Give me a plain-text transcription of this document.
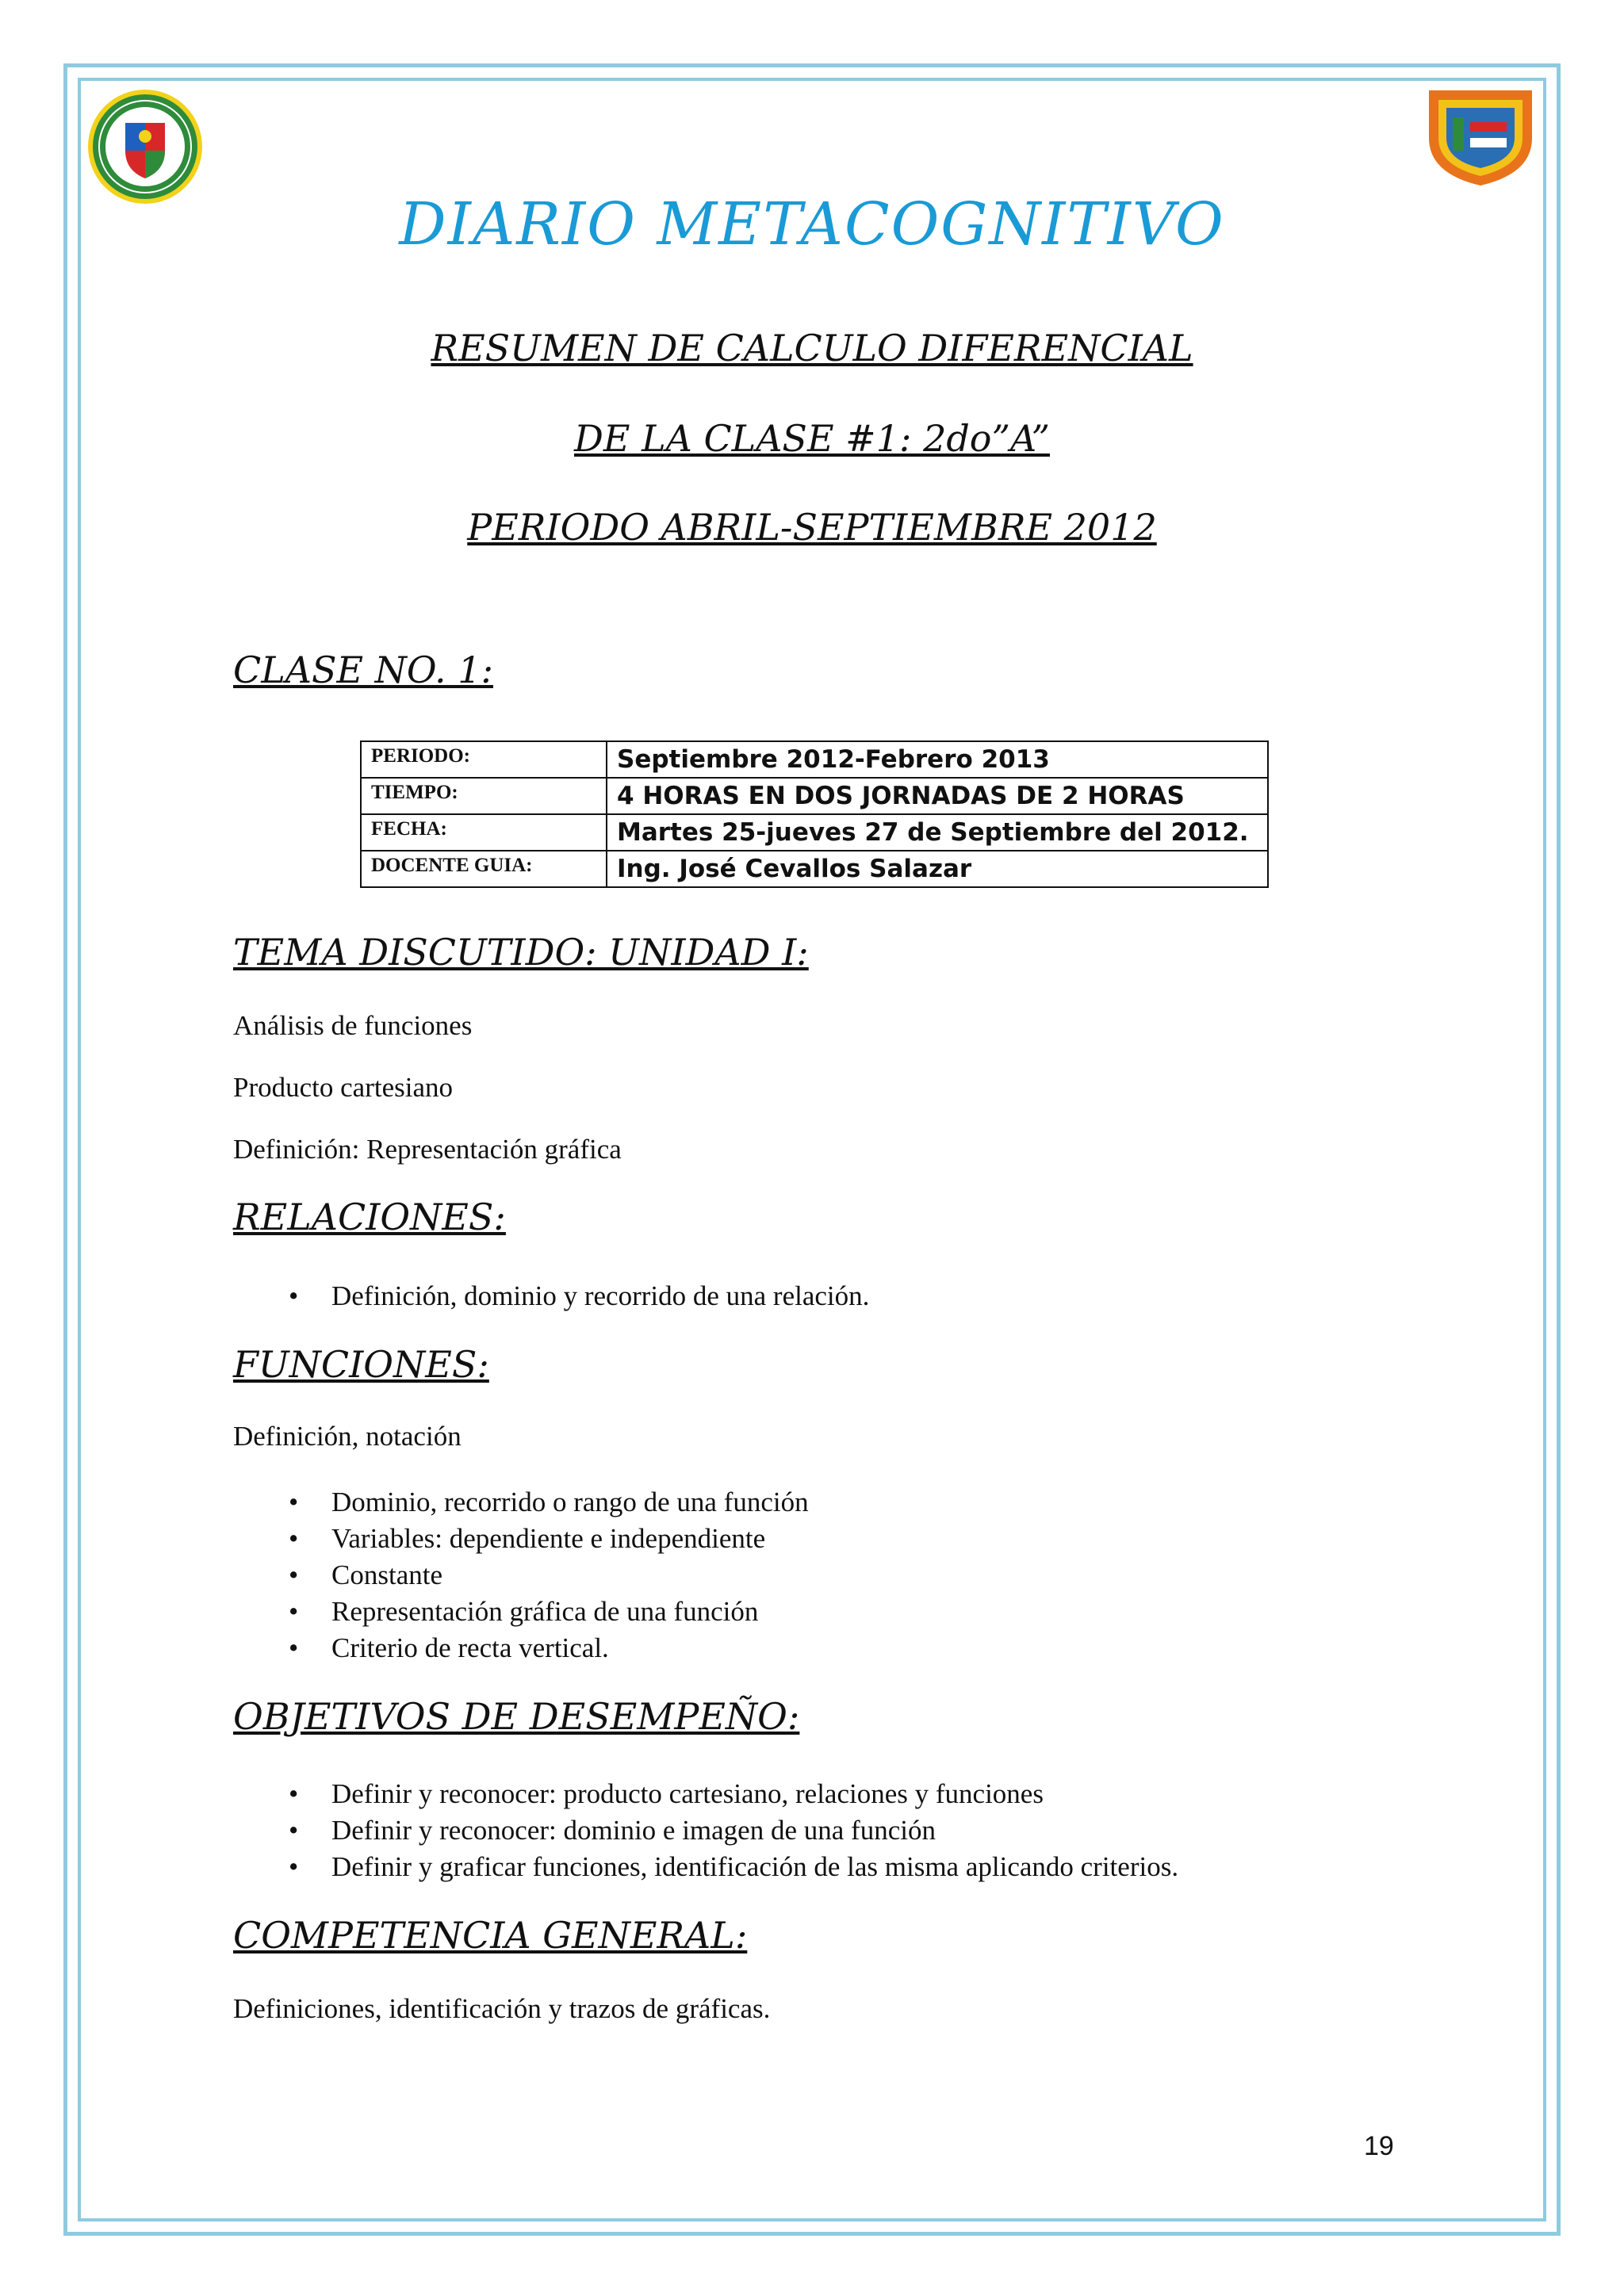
DIARIO METACOGNITIVO
RESUMEN DE CALCULO DIFERENCIAL
DE LA CLASE #1: 2do”A”
PERIODO ABRIL-SEPTIEMBRE 2012
CLASE NO. 1:
PERIODO:	Septiembre 2012-Febrero 2013
TIEMPO:	4 HORAS EN DOS JORNADAS DE 2 HORAS
FECHA:	Martes 25-jueves 27 de Septiembre del 2012.
DOCENTE GUIA:	Ing. José Cevallos Salazar
TEMA DISCUTIDO: UNIDAD I:

Análisis de funciones

Producto cartesiano

Definición: Representación gráfica

RELACIONES:
• Definición, dominio y recorrido de una relación.
FUNCIONES:

Definición, notación

• Dominio, recorrido o rango de una función
• Variables: dependiente e independiente
• Constante
• Representación gráfica de una función
• Criterio de recta vertical.
OBJETIVOS DE DESEMPEÑO:
• Definir y reconocer: producto cartesiano, relaciones y funciones
• Definir y reconocer: dominio e imagen de una función
• Definir y graficar funciones, identificación de las misma aplicando criterios.
COMPETENCIA GENERAL:

Definiciones, identificación y trazos de gráficas.

19
